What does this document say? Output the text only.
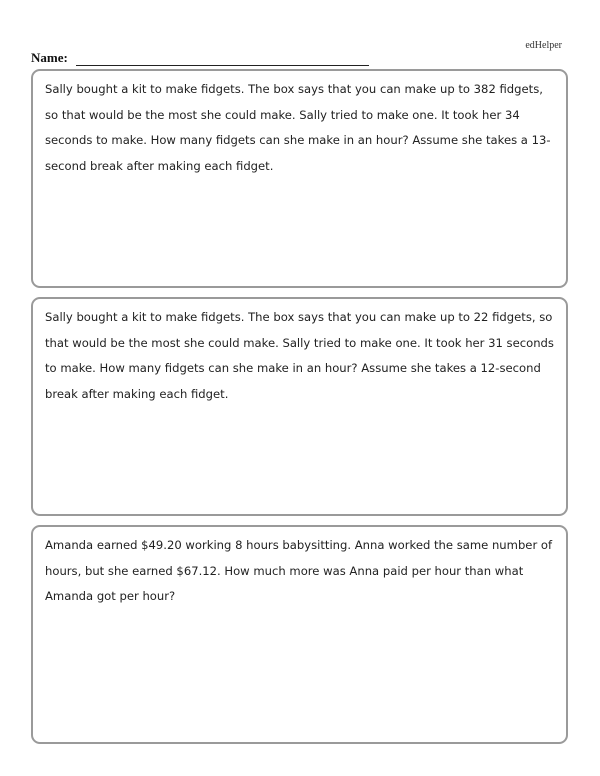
edHelper
Name:

Sally bought a kit to make fidgets. The box says that you can make up to 382 fidgets, so that would be the most she could make. Sally tried to make one. It took her 34 seconds to make. How many fidgets can she make in an hour? Assume she takes a 13-second break after making each fidget.

Sally bought a kit to make fidgets. The box says that you can make up to 22 fidgets, so that would be the most she could make. Sally tried to make one. It took her 31 seconds to make. How many fidgets can she make in an hour? Assume she takes a 12-second break after making each fidget.

Amanda earned $49.20 working 8 hours babysitting. Anna worked the same number of hours, but she earned $67.12. How much more was Anna paid per hour than what Amanda got per hour?
